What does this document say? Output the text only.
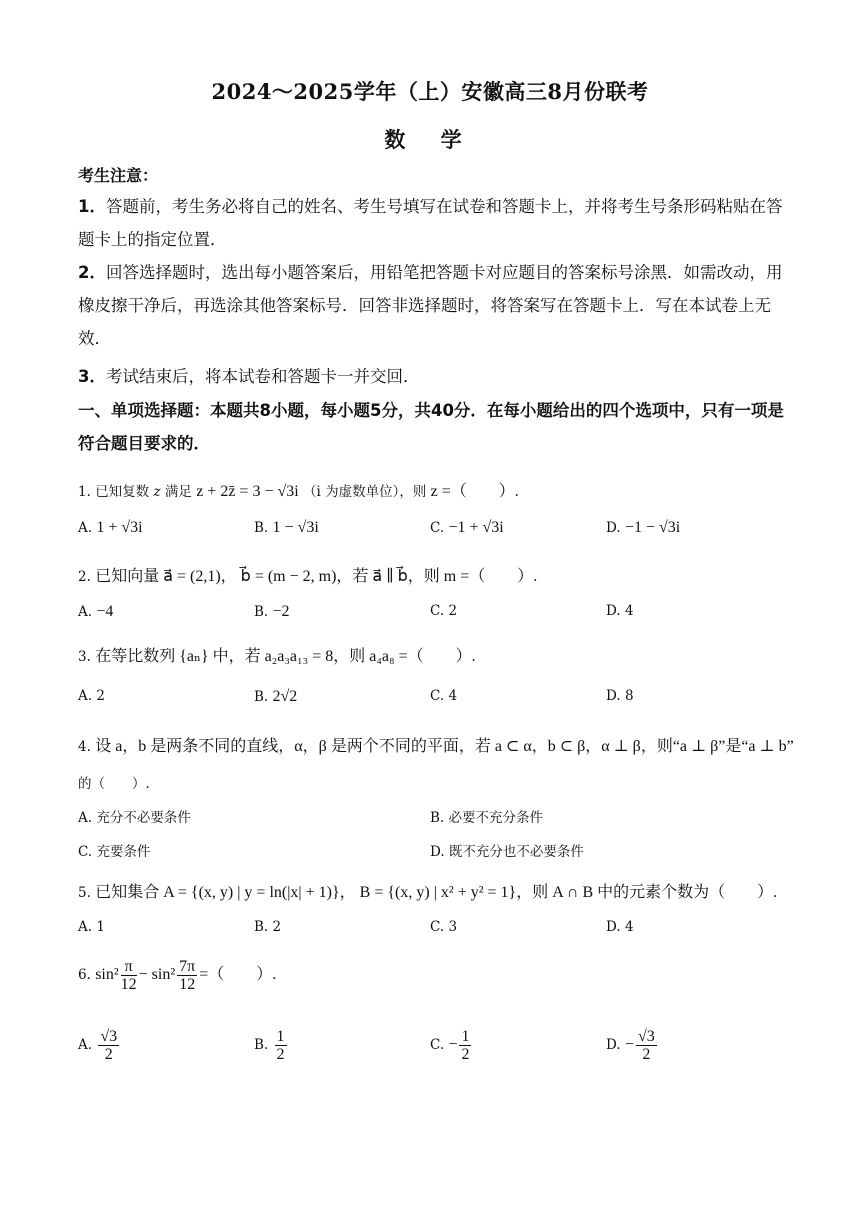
2024～2025学年（上）安徽高三8月份联考
数 学
考生注意：
1．答题前，考生务必将自己的姓名、考生号填写在试卷和答题卡上，并将考生号条形码粘贴在答题卡上的指定位置．
2．回答选择题时，选出每小题答案后，用铅笔把答题卡对应题目的答案标号涂黑．如需改动，用橡皮擦干净后，再选涂其他答案标号．回答非选择题时，将答案写在答题卡上．写在本试卷上无效．
3．考试结束后，将本试卷和答题卡一并交回．
一、单项选择题：本题共8小题，每小题5分，共40分．在每小题给出的四个选项中，只有一项是符合题目要求的．
1. 已知复数 z 满足 z + 2z̄ = 3 − √3i （i 为虚数单位），则 z =（　　）.
A. 1 + √3i	B. 1 − √3i	C. −1 + √3i	D. −1 − √3i
2. 已知向量 a⃗ = (2,1)， b⃗ = (m − 2, m)，若 a⃗ ∥ b⃗，则 m =（　　）.
A. −4	B. −2	C. 2	D. 4
3. 在等比数列 {aₙ} 中，若 a₂a₃a₁₃ = 8，则 a₄a₈ =（　　）.
A. 2	B. 2√2	C. 4	D. 8
4. 设 a，b 是两条不同的直线，α，β 是两个不同的平面，若 a ⊂ α，b ⊂ β，α ⊥ β，则“a ⊥ β”是“a ⊥ b”
的（　　）.
A. 充分不必要条件	B. 必要不充分条件
C. 充要条件	D. 既不充分也不必要条件
5. 已知集合 A = {(x, y) | y = ln(|x| + 1)}， B = {(x, y) | x² + y² = 1}，则 A ∩ B 中的元素个数为（　　）.
A. 1	B. 2	C. 3	D. 4
6. $\sin^2 \frac{\pi}{12} - \sin^2 \frac{7\pi}{12}$ =（　　）.
A. $\frac{√3}{2}$	B. $\frac{1}{2}$	C. − $\frac{1}{2}$	D. − $\frac{√3}{2}$
